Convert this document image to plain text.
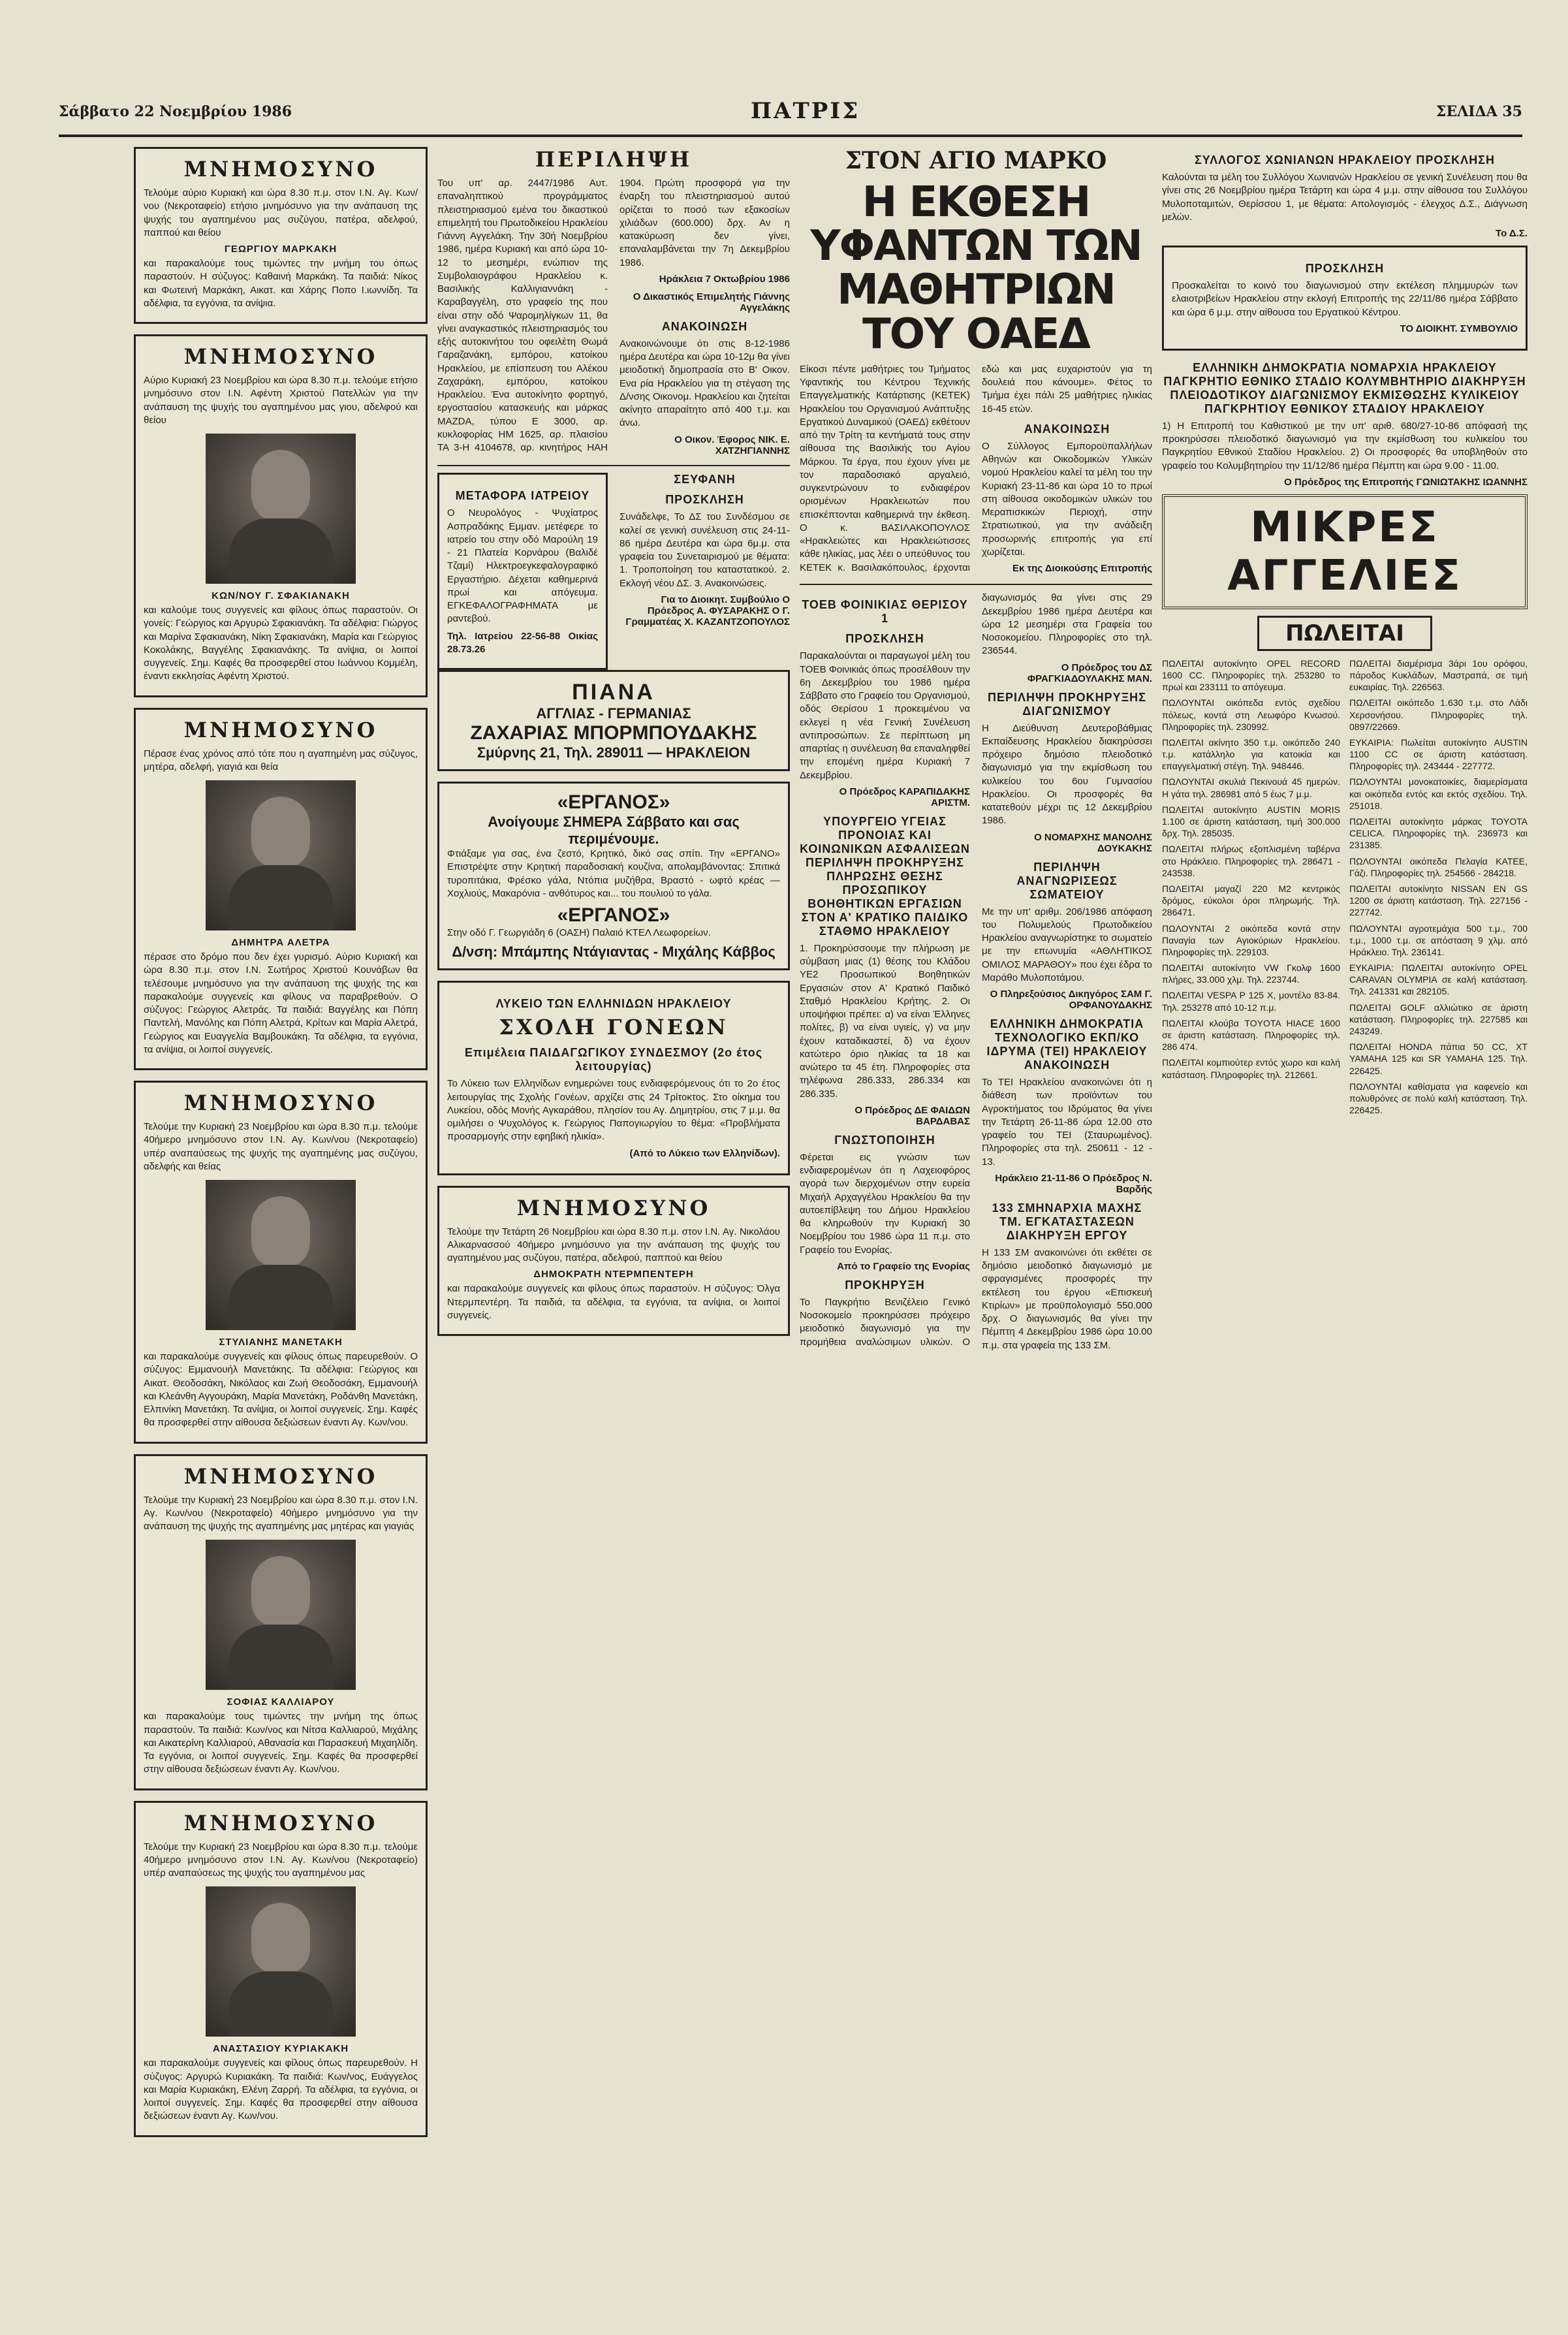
Σάββατο 22 Νοεμβρίου 1986	ΠΑΤΡΙΣ	ΣΕΛΙΔΑ 35

ΜΝΗΜΟΣΥΝΟ

Τελούμε αύριο Κυριακή και ώρα 8.30 π.μ. στον Ι.Ν. Αγ. Κων/νου (Νεκροταφείο) ετήσιο μνημόσυνο για την ανάπαυση της ψυχής του αγαπημένου μας συζύγου, πατέρα, αδελφού, παππού και θείου

ΓΕΩΡΓΙΟΥ ΜΑΡΚΑΚΗ

και παρακαλούμε τους τιμώντες την μνήμη του όπως παραστούν. Η σύζυγος: Καθαινή Μαρκάκη. Τα παιδιά: Νίκος και Φωτεινή Μαρκάκη, Αικατ. και Χάρης Ποπο Ι.ιωννίδη. Τα αδέλφια, τα εγγόνια, τα ανίψια.

ΜΝΗΜΟΣΥΝΟ

Αύριο Κυριακή 23 Νοεμβρίου και ώρα 8.30 π.μ. τελούμε ετήσιο μνημόσυνο στον Ι.Ν. Αφέντη Χριστού Πατελλών για την ανάπαυση της ψυχής του αγαπημένου μας γιου, αδελφού και θείου

ΚΩΝ/ΝΟΥ Γ. ΣΦΑΚΙΑΝΑΚΗ

και καλούμε τους συγγενείς και φίλους όπως παραστούν. Οι γονείς: Γεώργιος και Αργυρώ Σφακιανάκη. Τα αδέλφια: Γιώργος και Μαρίνα Σφακιανάκη, Νίκη Σφακιανάκη, Μαρία και Γεώργιος Κοκολάκης, Βαγγέλης Σφακιανάκης. Τα ανίψια, οι λοιποί συγγενείς. Σημ. Καφές θα προσφερθεί στου Ιωάννου Κομμέλη, έναντι εκκλησίας Αφέντη Χριστού.

ΜΝΗΜΟΣΥΝΟ

Πέρασε ένας χρόνος από τότε που η αγαπημένη μας σύζυγος, μητέρα, αδελφή, γιαγιά και θεία

ΔΗΜΗΤΡΑ ΑΛΕΤΡΑ

πέρασε στο δρόμο που δεν έχει γυρισμό. Αύριο Κυριακή και ώρα 8.30 π.μ. στον Ι.Ν. Σωτήρος Χριστού Κουνάβων θα τελέσουμε μνημόσυνο για την ανάπαυση της ψυχής της και παρακαλούμε συγγενείς και φίλους να παραβρεθούν. Ο σύζυγος: Γεώργιος Αλετράς. Τα παιδιά: Βαγγέλης και Πόπη Παντελή, Μανόλης και Πόπη Αλετρά, Κρίτων και Μαρία Αλετρά, Γεώργιος και Ευαγγελία Βαμβουκάκη. Τα αδέλφια, τα εγγόνια, τα ανίψια, οι λοιποί συγγενείς.

ΜΝΗΜΟΣΥΝΟ

Τελούμε την Κυριακή 23 Νοεμβρίου και ώρα 8.30 π.μ. τελούμε 40ήμερο μνημόσυνο στον Ι.Ν. Αγ. Κων/νου (Νεκροταφείο) υπέρ αναπαύσεως της ψυχής της αγαπημένης μας συζύγου, αδελφής και θείας

ΣΤΥΛΙΑΝΗΣ ΜΑΝΕΤΑΚΗ

και παρακαλούμε συγγενείς και φίλους όπως παρευρεθούν. Ο σύζυγος: Εμμανουήλ Μανετάκης. Τα αδέλφια: Γεώργιος και Αικατ. Θεοδοσάκη, Νικόλαος και Ζωή Θεοδοσάκη, Εμμανουήλ και Κλεάνθη Αγγουράκη, Μαρία Μανετάκη, Ροδάνθη Μανετάκη, Ελπινίκη Μανετάκη. Τα ανίψια, οι λοιποί συγγενείς. Σημ. Καφές θα προσφερθεί στην αίθουσα δεξιώσεων έναντι Αγ. Κων/νου.

ΜΝΗΜΟΣΥΝΟ

Τελούμε την Κυριακή 23 Νοεμβρίου και ώρα 8.30 π.μ. στον Ι.Ν. Αγ. Κων/νου (Νεκροταφείο) 40ήμερο μνημόσυνο για την ανάπαυση της ψυχής της αγαπημένης μας μητέρας και γιαγιάς

ΣΟΦΙΑΣ ΚΑΛΛΙΑΡΟΥ

και παρακαλούμε τους τιμώντες την μνήμη της όπως παραστούν. Τα παιδιά: Κων/νος και Νίτσα Καλλιαρού, Μιχάλης και Αικατερίνη Καλλιαρού, Αθανασία και Παρασκευή Μιχαηλίδη. Τα εγγόνια, οι λοιποί συγγενείς. Σημ. Καφές θα προσφερθεί στην αίθουσα δεξιώσεων έναντι Αγ. Κων/νου.

ΜΝΗΜΟΣΥΝΟ

Τελούμε την Κυριακή 23 Νοεμβρίου και ώρα 8.30 π.μ. τελούμε 40ήμερο μνημόσυνο στον Ι.Ν. Αγ. Κων/νου (Νεκροταφείο) υπέρ αναπαύσεως της ψυχής του αγαπημένου μας

ΑΝΑΣΤΑΣΙΟΥ ΚΥΡΙΑΚΑΚΗ

και παρακαλούμε συγγενείς και φίλους όπως παρευρεθούν. Η σύζυγος: Αργυρώ Κυριακάκη. Τα παιδιά: Κων/νος, Ευάγγελος και Μαρία Κυριακάκη, Ελένη Ζαρρή. Τα αδέλφια, τα εγγόνια, οι λοιποί συγγενείς. Σημ. Καφές θα προσφερθεί στην αίθουσα δεξιώσεων έναντι Αγ. Κων/νου.

ΠΕΡΙΛΗΨΗ

Του υπ' αρ. 2447/1986 Αυτ. επαναληπτικού προγράμματος πλειστηριασμού εμένα του δικαστικού επιμελητή του Πρωτοδικείου Ηρακλείου Γιάννη Αγγελάκη. Την 30ή Νοεμβρίου 1986, ημέρα Κυριακή και από ώρα 10-12 το μεσημέρι, ενώπιον της Συμβολαιογράφου Ηρακλείου κ. Βασιλικής Καλλιγιαννάκη - Καραβαγγέλη, στο γραφείο της που είναι στην οδό Ψαρομηλίγκων 11, θα γίνει αναγκαστικός πλειστηριασμός του εξής αυτοκινήτου του οφειλέτη Θωμά Γαραζανάκη, εμπόρου, κατοίκου Ηρακλείου, με επίσπευση του Αλέκου Ζαχαράκη, εμπόρου, κατοίκου Ηρακλείου. Ένα αυτοκίνητο φορτηγό, εργοστασίου κατασκευής και μάρκας MAZDA, τύπου E 3000, αρ. κυκλοφορίας ΗΜ 1625, αρ. πλαισίου TA 3-H 4104678, αρ. κινητήρος HAH 1904. Πρώτη προσφορά για την έναρξη του πλειστηριασμού αυτού ορίζεται το ποσό των εξακοσίων χιλιάδων (600.000) δρχ. Αν η κατακύρωση δεν γίνει, επαναλαμβάνεται την 7η Δεκεμβρίου 1986.

Ηράκλεια 7 Οκτωβρίου 1986

Ο Δικαστικός Επιμελητής Γιάννης Αγγελάκης

ΑΝΑΚΟΙΝΩΣΗ

Ανακοινώνουμε ότι στις 8-12-1986 ημέρα Δευτέρα και ώρα 10-12μ θα γίνει μειοδοτική δημοπρασία στο Β' Οικον. Ενα ρία Ηρακλείου για τη στέγαση της Δ/νσης Οικονομ. Ηρακλείου και ζητείται ακίνητο απαραίτητο από 400 τ.μ. και άνω.

Ο Οικον. Έφορος ΝΙΚ. Ε. ΧΑΤΖΗΓΙΑΝΝΗΣ

ΜΕΤΑΦΟΡΑ ΙΑΤΡΕΙΟΥ

Ο Νευρολόγος - Ψυχίατρος Ασπραδάκης Εμμαν. μετέφερε το ιατρείο του στην οδό Μαρούλη 19 - 21 Πλατεία Κορνάρου (Βαλιδέ Τζαμί) Ηλεκτροεγκεφαλογραφικό Εργαστήριο. Δέχεται καθημερινά πρωί και απόγευμα. ΕΓΚΕΦΑΛΟΓΡΑΦΗΜΑΤΑ με ραντεβού.

Τηλ. Ιατρείου 22-56-88 Οικίας 28.73.26

ΣΕΥΦΑΝΗ

ΠΡΟΣΚΛΗΣΗ

Συνάδελφε, Το ΔΣ του Συνδέσμου σε καλεί σε γενική συνέλευση στις 24-11-86 ημέρα Δευτέρα και ώρα 6μ.μ. στα γραφεία του Συνεταιρισμού με θέματα: 1. Τροποποίηση του καταστατικού. 2. Εκλογή νέου ΔΣ. 3. Ανακοινώσεις.

Για το Διοικητ. Συμβούλιο Ο Πρόεδρος Α. ΦΥΣΑΡΑΚΗΣ Ο Γ. Γραμματέας Χ. ΚΑΖΑΝΤΖΟΠΟΥΛΟΣ

ΠΙΑΝΑ
ΑΓΓΛΙΑΣ - ΓΕΡΜΑΝΙΑΣ
ΖΑΧΑΡΙΑΣ ΜΠΟΡΜΠΟΥΔΑΚΗΣ
Σμύρνης 21, Τηλ. 289011 — ΗΡΑΚΛΕΙΟΝ
«ΕΡΓΑΝΟΣ»
Ανοίγουμε ΣΗΜΕΡΑ Σάββατο και σας περιμένουμε.

Φτιάξαμε για σας, ένα ζεστό, Κρητικό, δικό σας σπίτι. Την «ΕΡΓΑΝΟ» Επιστρέψτε στην Κρητική παραδοσιακή κουζίνα, απολαμβάνοντας: Σπιτικά τυροπιτάκια, Φρέσκο γάλα, Ντόπια μυζήθρα, Βραστό - ωφτό κρέας — Χοχλιούς, Μακαρόνια - ανθότυρος και... του πουλιού το γάλα.

«ΕΡΓΑΝΟΣ»

Στην οδό Γ. Γεωργιάδη 6 (ΟΑΣΗ) Παλαιό ΚΤΕΛ Λεωφορείων.

Δ/νση: Μπάμπης Ντάγιαντας - Μιχάλης Κάββος

ΛΥΚΕΙΟ ΤΩΝ ΕΛΛΗΝΙΔΩΝ ΗΡΑΚΛΕΙΟΥ

ΣΧΟΛΗ ΓΟΝΕΩΝ

Επιμέλεια ΠΑΙΔΑΓΩΓΙΚΟΥ ΣΥΝΔΕΣΜΟΥ (2ο έτος λειτουργίας)

Το Λύκειο των Ελληνίδων ενημερώνει τους ενδιαφερόμενους ότι το 2ο έτος λειτουργίας της Σχολής Γονέων, αρχίζει στις 24 Τρίτοκτος. Στο οίκημα του Λυκείου, οδός Μονής Αγκαράθου, πλησίον του Αγ. Δημητρίου, στις 7 μ.μ. θα ομιλήσει ο Ψυχολόγος κ. Γεώργιος Παπογιωργίου το θέμα: «Προβλήματα προσαρμογής στην εφηβική ηλικία».

(Από το Λύκειο των Ελληνίδων).

ΜΝΗΜΟΣΥΝΟ

Τελούμε την Τετάρτη 26 Νοεμβρίου και ώρα 8.30 π.μ. στον Ι.Ν. Αγ. Νικολάου Αλικαρνασσού 40ήμερο μνημόσυνο για την ανάπαυση της ψυχής του αγαπημένου μας συζύγου, πατέρα, αδελφού, παππού και θείου

ΔΗΜΟΚΡΑΤΗ ΝΤΕΡΜΠΕΝΤΕΡΗ

και παρακαλούμε συγγενείς και φίλους όπως παραστούν. Η σύζυγος: Όλγα Ντερμπεντέρη. Τα παιδιά, τα αδέλφια, τα εγγόνια, τα ανίψια, οι λοιποί συγγενείς.

ΣΤΟΝ ΑΓΙΟ ΜΑΡΚΟ
Η ΕΚΘΕΣΗ ΥΦΑΝΤΩΝ ΤΩΝ ΜΑΘΗΤΡΙΩΝ ΤΟΥ ΟΑΕΔ

Είκοσι πέντε μαθήτριες του Τμήματος Υφαντικής του Κέντρου Τεχνικής Επαγγελματικής Κατάρτισης (ΚΕΤΕΚ) Ηρακλείου του Οργανισμού Ανάπτυξης Εργατικού Δυναμικού (ΟΑΕΔ) εκθέτουν από την Τρίτη τα κεντήματά τους στην αίθουσα της Βασιλικής του Αγίου Μάρκου. Τα έργα, που έχουν γίνει με τον παραδοσιακό αργαλειό, συγκεντρώνουν το ενδιαφέρον ορισμένων Ηρακλειωτών που επισκέπτονται καθημερινά την έκθεση. Ο κ. ΒΑΣΙΛΑΚΟΠΟΥΛΟΣ «Ηρακλειώτες και Ηρακλειώτισσες κάθε ηλικίας, μας λέει ο υπεύθυνος του ΚΕΤΕΚ κ. Βασιλακόπουλος, έρχονται εδώ και μας ευχαριστούν για τη δουλειά που κάνουμε». Φέτος το Τμήμα έχει πάλι 25 μαθήτριες ηλικίας 16-45 ετών.

ΑΝΑΚΟΙΝΩΣΗ

Ο Σύλλογος Εμποροϋπαλλήλων Αθηνών και Οικοδομικών Υλικών νομού Ηρακλείου καλεί τα μέλη του την Κυριακή 23-11-86 και ώρα 10 το πρωί στη αίθουσα οικοδομικών υλικών του Μεραπισκικών Περιοχή, στην Στρατιωτικού, για την ανάδειξη προσωρινής επιτροπής για επί χωρίζεται.

Εκ της Διοικούσης Επιτροπής

ΤΟΕΒ ΦΟΙΝΙΚΙΑΣ ΘΕΡΙΣΟΥ 1

ΠΡΟΣΚΛΗΣΗ

Παρακαλούνται οι παραγωγοί μέλη του ΤΟΕΒ Φοινικιάς όπως προσέλθουν την 6η Δεκεμβρίου του 1986 ημέρα Σάββατο στο Γραφείο του Οργανισμού, οδός Θερίσου 1 προκειμένου να εκλεγεί η νέα Γενική Συνέλευση αντιπροσώπων. Σε περίπτωση μη απαρτίας η συνέλευση θα επαναληφθεί την επομένη ημέρα Κυριακή 7 Δεκεμβρίου.

Ο Πρόεδρος ΚΑΡΑΠΙΔΑΚΗΣ ΑΡΙΣΤΜ.

ΥΠΟΥΡΓΕΙΟ ΥΓΕΙΑΣ ΠΡΟΝΟΙΑΣ ΚΑΙ ΚΟΙΝΩΝΙΚΩΝ ΑΣΦΑΛΙΣΕΩΝ ΠΕΡΙΛΗΨΗ ΠΡΟΚΗΡΥΞΗΣ ΠΛΗΡΩΣΗΣ ΘΕΣΗΣ ΠΡΟΣΩΠΙΚΟΥ ΒΟΗΘΗΤΙΚΩΝ ΕΡΓΑΣΙΩΝ ΣΤΟΝ Α' ΚΡΑΤΙΚΟ ΠΑΙΔΙΚΟ ΣΤΑΘΜΟ ΗΡΑΚΛΕΙΟΥ

1. Προκηρύσσουμε την πλήρωση με σύμβαση μιας (1) θέσης του Κλάδου ΥΕ2 Προσωπικού Βοηθητικών Εργασιών στον Α' Κρατικό Παιδικό Σταθμό Ηρακλείου Κρήτης. 2. Οι υποψήφιοι πρέπει: α) να είναι Έλληνες πολίτες, β) να είναι υγιείς, γ) να μην έχουν καταδικαστεί, δ) να έχουν κατώτερο όριο ηλικίας τα 18 και ανώτερο τα 45 έτη. Πληροφορίες στα τηλέφωνα 286.333, 286.334 και 286.335.

Ο Πρόεδρος ΔΕ ΦΑΙΔΩΝ ΒΑΡΔΑΒΑΣ

ΓΝΩΣΤΟΠΟΙΗΣΗ

Φέρεται εις γνώσιν των ενδιαφερομένων ότι η Λαχειοφόρος αγορά των διερχομένων στην ευρεία Μιχαήλ Αρχαγγέλου Ηρακλείου θα την αυτοεπίβλεψη του Δήμου Ηρακλείου θα κληρωθούν την Κυριακή 30 Νοεμβρίου του 1986 ώρα 11 π.μ. στο Γραφείο του Ενορίας.

Από το Γραφείο της Ενορίας

ΠΡΟΚΗΡΥΞΗ

Το Παγκρήτιο Βενιζέλειο Γενικό Νοσοκομείο προκηρύσσει πρόχειρο μειοδοτικό διαγωνισμό για την προμήθεια αναλώσιμων υλικών. Ο διαγωνισμός θα γίνει στις 29 Δεκεμβρίου 1986 ημέρα Δευτέρα και ώρα 12 μεσημέρι στα Γραφεία του Νοσοκομείου. Πληροφορίες στο τηλ. 236544.

Ο Πρόεδρος του ΔΣ ΦΡΑΓΚΙΑΔΟΥΛΑΚΗΣ ΜΑΝ.

ΠΕΡΙΛΗΨΗ ΠΡΟΚΗΡΥΞΗΣ ΔΙΑΓΩΝΙΣΜΟΥ

Η Διεύθυνση Δευτεροβάθμιας Εκπαίδευσης Ηρακλείου διακηρύσσει πρόχειρο δημόσιο πλειοδοτικό διαγωνισμό για την εκμίσθωση του κυλικείου του 6ου Γυμνασίου Ηρακλείου. Οι προσφορές θα κατατεθούν μέχρι τις 12 Δεκεμβρίου 1986.

Ο ΝΟΜΑΡΧΗΣ ΜΑΝΟΛΗΣ ΔΟΥΚΑΚΗΣ

ΠΕΡΙΛΗΨΗ ΑΝΑΓΝΩΡΙΣΕΩΣ ΣΩΜΑΤΕΙΟΥ

Με την υπ' αριθμ. 206/1986 απόφαση του Πολυμελούς Πρωτοδικείου Ηρακλείου αναγνωρίστηκε το σωματείο με την επωνυμία «ΑΘΛΗΤΙΚΟΣ ΟΜΙΛΟΣ ΜΑΡΑΘΟΥ» που έχει έδρα το Μαράθο Μυλοποτάμου.

Ο Πληρεξούσιος Δικηγόρος ΣΑΜ Γ. ΟΡΦΑΝΟΥΔΑΚΗΣ

ΕΛΛΗΝΙΚΗ ΔΗΜΟΚΡΑΤΙΑ ΤΕΧΝΟΛΟΓΙΚΟ ΕΚΠ/ΚΟ ΙΔΡΥΜΑ (ΤΕΙ) ΗΡΑΚΛΕΙΟΥ ΑΝΑΚΟΙΝΩΣΗ

Το ΤΕΙ Ηρακλείου ανακοινώνει ότι η διάθεση των προϊόντων του Αγροκτήματος του Ιδρύματος θα γίνει την Τετάρτη 26-11-86 ώρα 12.00 στο γραφείο του ΤΕΙ (Σταυρωμένος). Πληροφορίες στα τηλ. 250611 - 12 - 13.

Ηράκλειο 21-11-86 Ο Πρόεδρος Ν. Βαρδής

133 ΣΜΗΝΑΡΧΙΑ ΜΑΧΗΣ ΤΜ. ΕΓΚΑΤΑΣΤΑΣΕΩΝ ΔΙΑΚΗΡΥΞΗ ΕΡΓΟΥ

Η 133 ΣΜ ανακοινώνει ότι εκθέτει σε δημόσιο μειοδοτικό διαγωνισμό με σφραγισμένες προσφορές την εκτέλεση του έργου «Επισκευή Κτιρίων» με προϋπολογισμό 550.000 δρχ. Ο διαγωνισμός θα γίνει την Πέμπτη 4 Δεκεμβρίου 1986 ώρα 10.00 π.μ. στα γραφεία της 133 ΣΜ.

ΣΥΛΛΟΓΟΣ ΧΩΝΙΑΝΩΝ ΗΡΑΚΛΕΙΟΥ ΠΡΟΣΚΛΗΣΗ

Καλούνται τα μέλη του Συλλόγου Χωνιανών Ηρακλείου σε γενική Συνέλευση που θα γίνει στις 26 Νοεμβρίου ημέρα Τετάρτη και ώρα 4 μ.μ. στην αίθουσα του Συλλόγου Μυλοποταμιτών, Θερίσσου 1, με θέματα: Απολογισμός - έλεγχος Δ.Σ., Διάγνωση μελών.

Το Δ.Σ.

ΠΡΟΣΚΛΗΣΗ

Προσκαλείται το κοινό του διαγωνισμού στην εκτέλεση πλημμυρών των ελαιοτριβείων Ηρακλείου στην εκλογή Επιτροπής της 22/11/86 ημέρα Σάββατο και ώρα 6 μ.μ. στην αίθουσα του Εργατικού Κέντρου.

ΤΟ ΔΙΟΙΚΗΤ. ΣΥΜΒΟΥΛΙΟ

ΕΛΛΗΝΙΚΗ ΔΗΜΟΚΡΑΤΙΑ ΝΟΜΑΡΧΙΑ ΗΡΑΚΛΕΙΟΥ ΠΑΓΚΡΗΤΙΟ ΕΘΝΙΚΟ ΣΤΑΔΙΟ ΚΟΛΥΜΒΗΤΗΡΙΟ ΔΙΑΚΗΡΥΞΗ ΠΛΕΙΟΔΟΤΙΚΟΥ ΔΙΑΓΩΝΙΣΜΟΥ ΕΚΜΙΣΘΩΣΗΣ ΚΥΛΙΚΕΙΟΥ ΠΑΓΚΡΗΤΙΟΥ ΕΘΝΙΚΟΥ ΣΤΑΔΙΟΥ ΗΡΑΚΛΕΙΟΥ

1) Η Επιτροπή του Καθιστικού με την υπ' αριθ. 680/27-10-86 απόφασή της προκηρύσσει πλειοδοτικό διαγωνισμό για την εκμίσθωση του κυλικείου του Παγκρητίου Εθνικού Σταδίου Ηρακλείου. 2) Οι προσφορές θα υποβληθούν στο γραφείο του Κολυμβητηρίου την 11/12/86 ημέρα Πέμπτη και ώρα 9.00 - 11.00.

Ο Πρόεδρος της Επιτροπής ΓΩΝΙΩΤΑΚΗΣ ΙΩΑΝΝΗΣ

ΜΙΚΡΕΣ ΑΓΓΕΛΙΕΣ
ΠΩΛΕΙΤΑΙ

ΠΩΛΕΙΤΑΙ αυτοκίνητο OPEL RECORD 1600 CC. Πληροφορίες τηλ. 253280 το πρωί και 233111 το απόγευμα.

ΠΩΛΟΥΝΤΑΙ οικόπεδα εντός σχεδίου πόλεως, κοντά στη Λεωφόρο Κνωσού. Πληροφορίες τηλ. 230992.

ΠΩΛΕΙΤΑΙ ακίνητο 350 τ.μ. οικόπεδο 240 τ.μ. κατάλληλο για κατοικία και επαγγελματική στέγη. Τηλ. 948446.

ΠΩΛΟΥΝΤΑΙ σκυλιά Πεκινουά 45 ημερών. Η γάτα τηλ. 286981 από 5 έως 7 μ.μ.

ΠΩΛΕΙΤΑΙ αυτοκίνητο AUSTIN MORIS 1.100 σε άριστη κατάσταση, τιμή 300.000 δρχ. Τηλ. 285035.

ΠΩΛΕΙΤΑΙ πλήρως εξοπλισμένη ταβέρνα στο Ηράκλειο. Πληροφορίες τηλ. 286471 - 243538.

ΠΩΛΕΙΤΑΙ μαγαζί 220 Μ2 κεντρικός δρόμος, εύκολοι όροι πληρωμής. Τηλ. 286471.

ΠΩΛΟΥΝΤΑΙ 2 οικόπεδα κοντά στην Παναγία των Αγιοκύριων Ηρακλείου. Πληροφορίες τηλ. 229103.

ΠΩΛΕΙΤΑΙ αυτοκίνητο VW Γκολφ 1600 πλήρες, 33.000 χλμ. Τηλ. 223744.

ΠΩΛΕΙΤΑΙ VESPA P 125 X, μοντέλο 83-84. Τηλ. 253278 από 10-12 π.μ.

ΠΩΛΕΙΤΑΙ κλούβα TOYOTA HIACE 1600 σε άριστη κατάσταση. Πληροφορίες τηλ. 286 474.

ΠΩΛΕΙΤΑΙ κομπιούτερ εντός χωρο και καλή κατάσταση. Πληροφορίες τηλ. 212661.

ΠΩΛΕΙΤΑΙ διαμέρισμα 3άρι 1ου ορόφου, πάροδος Κυκλάδων, Μαστραπά, σε τιμή ευκαιρίας. Τηλ. 226563.

ΠΩΛΕΙΤΑΙ οικόπεδο 1.630 τ.μ. στο Λάδι Χερσονήσου. Πληροφορίες τηλ. 0897/22669.

ΕΥΚΑΙΡΙΑ: Πωλείται αυτοκίνητο AUSTIN 1100 CC σε άριστη κατάσταση. Πληροφορίες τηλ. 243444 - 227772.

ΠΩΛΟΥΝΤΑΙ μονοκατοικίες, διαμερίσματα και οικόπεδα εντός και εκτός σχεδίου. Τηλ. 251018.

ΠΩΛΕΙΤΑΙ αυτοκίνητο μάρκας TOYOTA CELICA. Πληροφορίες τηλ. 236973 και 231385.

ΠΩΛΟΥΝΤΑΙ οικόπεδα Πελαγία ΚΑΤΕΕ, Γάζι. Πληροφορίες τηλ. 254566 - 284218.

ΠΩΛΕΙΤΑΙ αυτοκίνητο NISSAN EN GS 1200 σε άριστη κατάσταση. Τηλ. 227156 - 227742.

ΠΩΛΟΥΝΤΑΙ αγροτεμάχια 500 τ.μ., 700 τ.μ., 1000 τ.μ. σε απόσταση 9 χλμ. από Ηράκλειο. Τηλ. 236141.

ΕΥΚΑΙΡΙΑ: ΠΩΛΕΙΤΑΙ αυτοκίνητο OPEL CARAVAN OLYMPIA σε καλή κατάσταση. Τηλ. 241331 και 282105.

ΠΩΛΕΙΤΑΙ GOLF αλλιώτικο σε άριστη κατάσταση. Πληροφορίες τηλ. 227585 και 243249.

ΠΩΛΕΙΤΑΙ HONDA πάπια 50 CC, XT YAMAHA 125 και SR YAMAHA 125. Τηλ. 226425.

ΠΩΛΟΥΝΤΑΙ καθίσματα για καφενείο και πολυθρόνες σε πολύ καλή κατάσταση. Τηλ. 226425.
